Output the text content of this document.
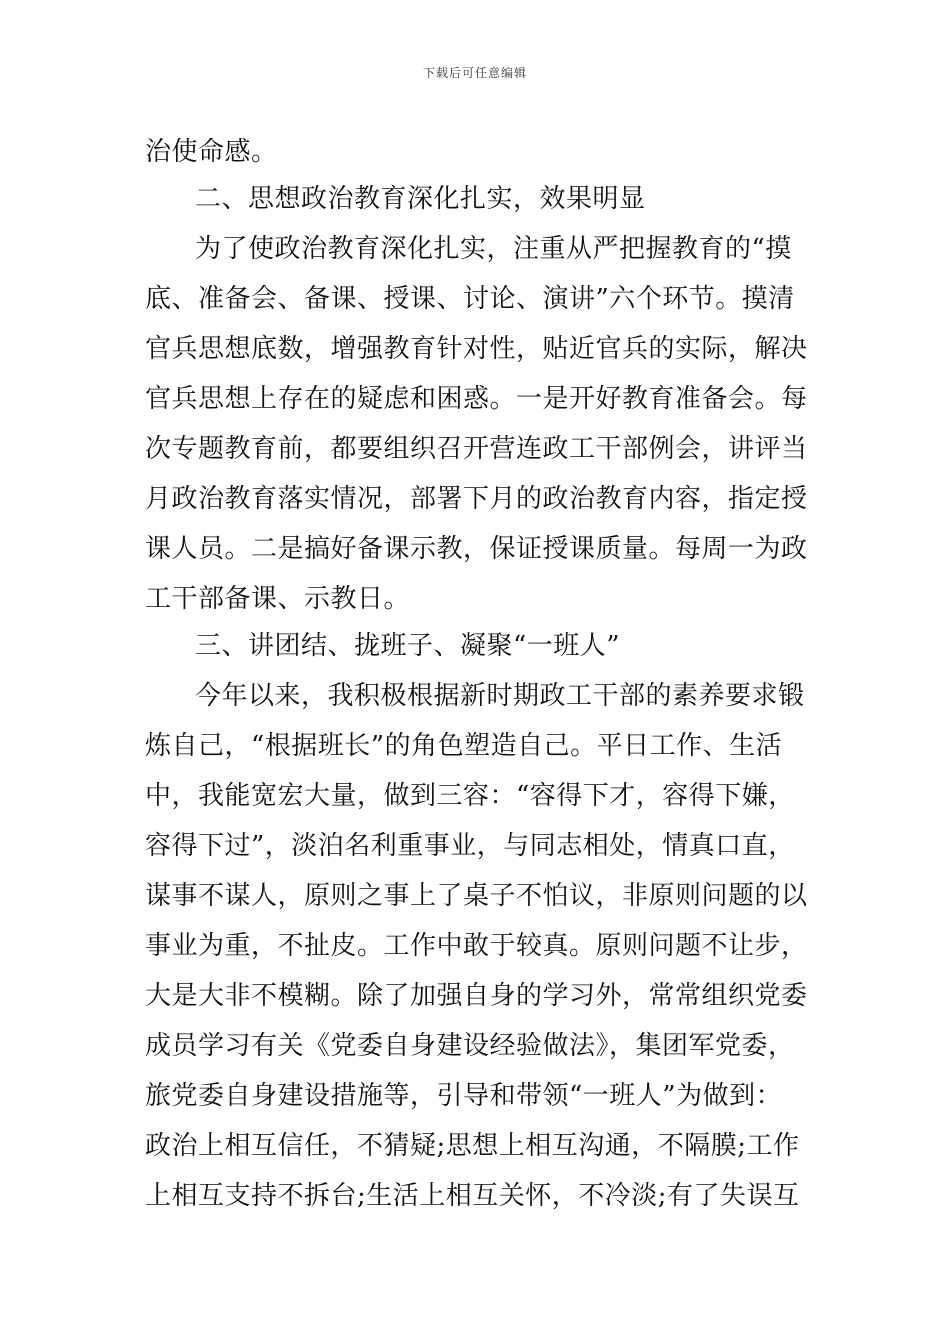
下载后可任意编辑
治使命感。
二、思想政治教育深化扎实，效果明显
为了使政治教育深化扎实，注重从严把握教育的“摸
底、准备会、备课、授课、讨论、演讲”六个环节。摸清
官兵思想底数，增强教育针对性，贴近官兵的实际，解决
官兵思想上存在的疑虑和困惑。一是开好教育准备会。每
次专题教育前，都要组织召开营连政工干部例会，讲评当
月政治教育落实情况，部署下月的政治教育内容，指定授
课人员。二是搞好备课示教，保证授课质量。每周一为政
工干部备课、示教日。
三、讲团结、拢班子、凝聚“一班人”
今年以来，我积极根据新时期政工干部的素养要求锻
炼自己，“根据班长”的角色塑造自己。平日工作、生活
中，我能宽宏大量，做到三容：“容得下才，容得下嫌，
容得下过”，淡泊名利重事业，与同志相处，情真口直，
谋事不谋人，原则之事上了桌子不怕议，非原则问题的以
事业为重，不扯皮。工作中敢于较真。原则问题不让步，
大是大非不模糊。除了加强自身的学习外，常常组织党委
成员学习有关《党委自身建设经验做法》，集团军党委，
旅党委自身建设措施等，引导和带领“一班人”为做到：
政治上相互信任，不猜疑;思想上相互沟通，不隔膜;工作
上相互支持不拆台;生活上相互关怀，不冷淡;有了失误互
